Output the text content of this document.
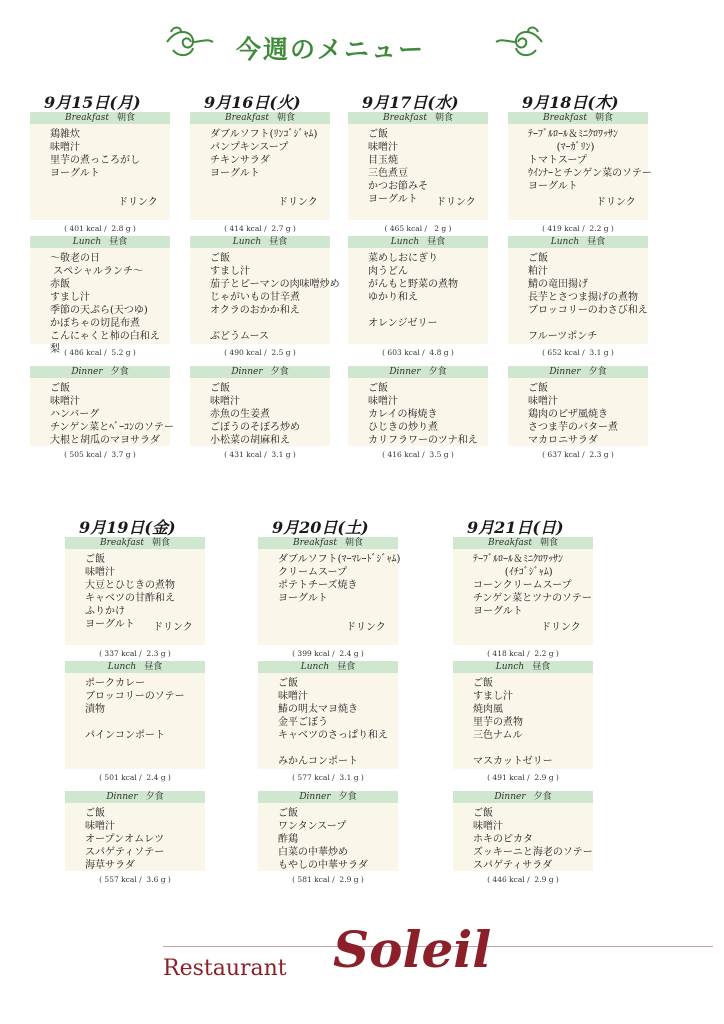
今週のメニュー
9月15日(月)
Breakfast 朝食
鶏雑炊
味噌汁
里芋の煮っころがし
ヨーグルト
ドリンク
( 401 kcal /  2.8 g )
Lunch 昼食
～敬老の日
スペシャルランチ～
赤飯
すまし汁
季節の天ぷら(天つゆ)
かぼちゃの切昆布煮
こんにゃくと柿の白和え
梨 ( 486 kcal /  5.2 g )
Dinner 夕食
ご飯
味噌汁
ハンバーグ
チンゲン菜とﾍﾞｰｺﾝのソテー
大根と胡瓜のマヨサラダ
( 505 kcal /  3.7 g )
9月16日(火)
Breakfast 朝食
ダブルソフト(ﾘﾝｺﾞｼﾞｬﾑ)
パンプキンスープ
チキンサラダ
ヨーグルト
ドリンク
( 414 kcal /  2.7 g )
Lunch 昼食
ご飯
すまし汁
茄子とピーマンの肉味噌炒め
じゃがいもの甘辛煮
オクラのおかか和え
ぶどうムース
( 490 kcal /  2.5 g )
Dinner 夕食
ご飯
味噌汁
赤魚の生姜煮
ごぼうのそぼろ炒め
小松菜の胡麻和え
( 431 kcal /  3.1 g )
9月17日(水)
Breakfast 朝食
ご飯
味噌汁
目玉焼
三色煮豆
かつお節みそ
ヨーグルト	ドリンク
( 465 kcal /   2 g )
Lunch 昼食
菜めしおにぎり
肉うどん
がんもと野菜の煮物
ゆかり和え
オレンジゼリー
( 603 kcal /  4.8 g )
Dinner 夕食
ご飯
味噌汁
カレイの梅焼き
ひじきの炒り煮
カリフラワーのツナ和え
( 416 kcal /  3.5 g )
9月18日(木)
Breakfast 朝食
ﾃｰﾌﾞﾙﾛｰﾙ＆ﾐﾆｸﾛﾜｯｻﾝ
(ﾏｰｶﾞﾘﾝ)
トマトスープ
ｳｲﾝﾅｰとチンゲン菜のソテー
ヨーグルト
ドリンク
( 419 kcal /  2.2 g )
Lunch 昼食
ご飯
粕汁
鯖の竜田揚げ
長芋とさつま揚げの煮物
ブロッコリーのわさび和え
フルーツポンチ
( 652 kcal /  3.1 g )
Dinner 夕食
ご飯
味噌汁
鶏肉のピザ風焼き
さつま芋のバター煮
マカロニサラダ
( 637 kcal /  2.3 g )
9月19日(金)
Breakfast 朝食
ご飯
味噌汁
大豆とひじきの煮物
キャベツの甘酢和え
ふりかけ
ヨーグルト	ドリンク
( 337 kcal /  2.3 g )
Lunch 昼食
ポークカレー
ブロッコリーのソテー
漬物
パインコンポート
( 501 kcal /  2.4 g )
Dinner 夕食
ご飯
味噌汁
オープンオムレツ
スパゲティソテー
海草サラダ
( 557 kcal /  3.6 g )
9月20日(土)
Breakfast 朝食
ダブルソフト(ﾏｰﾏﾚｰﾄﾞｼﾞｬﾑ)
クリームスープ
ポテトチーズ焼き
ヨーグルト
ドリンク
( 399 kcal /  2.4 g )
Lunch 昼食
ご飯
味噌汁
鰆の明太マヨ焼き
金平ごぼう
キャベツのさっぱり和え
みかんコンポート
( 577 kcal /  3.1 g )
Dinner 夕食
ご飯
ワンタンスープ
酢鶏
白菜の中華炒め
もやしの中華サラダ
( 581 kcal /  2.9 g )
9月21日(日)
Breakfast 朝食
ﾃｰﾌﾞﾙﾛｰﾙ＆ﾐﾆｸﾛﾜｯｻﾝ
(ｲﾁｺﾞｼﾞｬﾑ)
コーンクリームスープ
チンゲン菜とツナのソテー
ヨーグルト
ドリンク
( 418 kcal /  2.2 g )
Lunch 昼食
ご飯
すまし汁
焼肉風
里芋の煮物
三色ナムル
マスカットゼリー
( 491 kcal /  2.9 g )
Dinner 夕食
ご飯
味噌汁
ホキのピカタ
ズッキーニと海老のソテー
スパゲティサラダ
( 446 kcal /  2.9 g )
Restaurant Soleil
